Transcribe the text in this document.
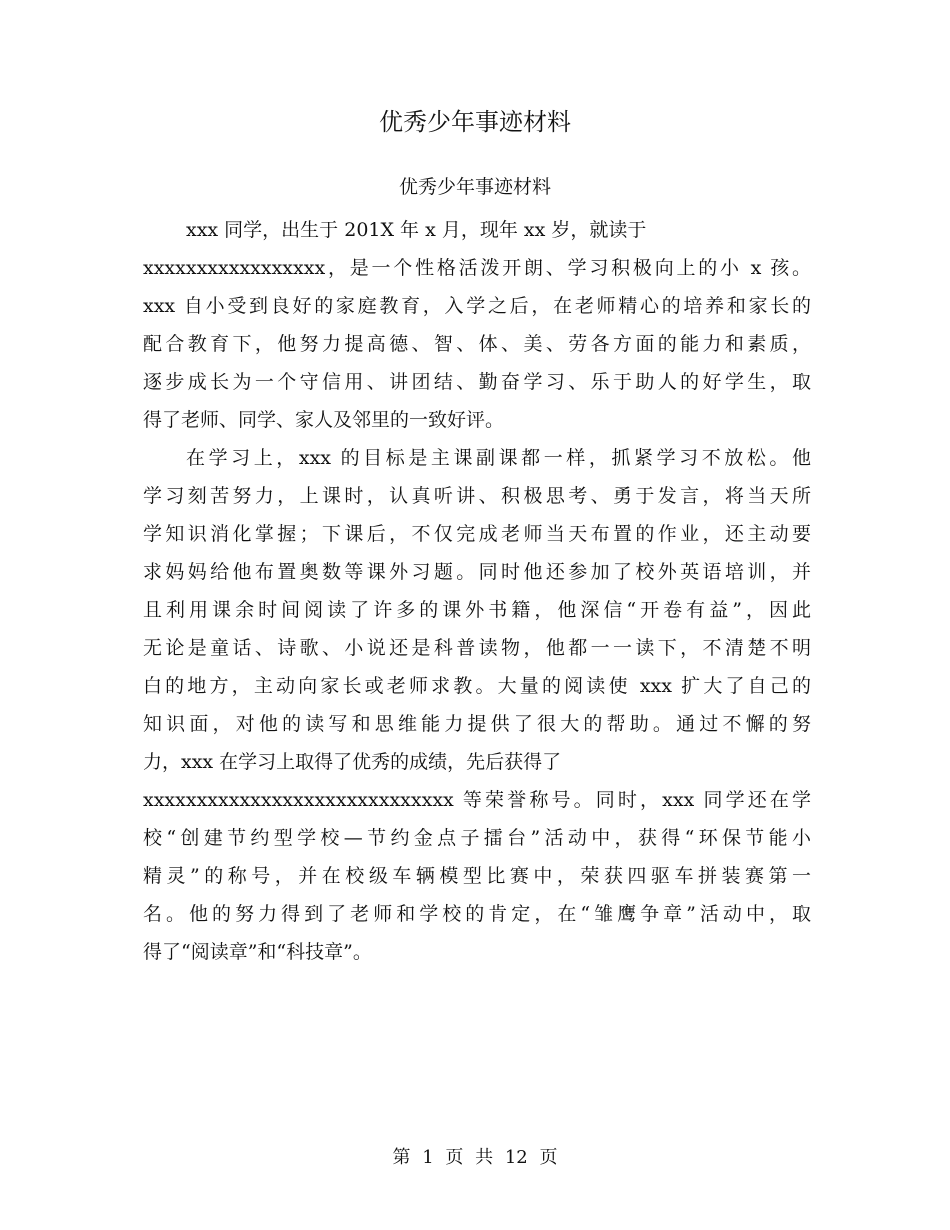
优秀少年事迹材料
优秀少年事迹材料
xxx 同学，出生于 201X 年 x 月，现年 xx 岁，就读于
xxxxxxxxxxxxxxxxx，是一个性格活泼开朗、学习积极向上的小 x 孩。
xxx 自小受到良好的家庭教育，入学之后，在老师精心的培养和家长的
配合教育下，他努力提高德、智、体、美、劳各方面的能力和素质，
逐步成长为一个守信用、讲团结、勤奋学习、乐于助人的好学生，取
得了老师、同学、家人及邻里的一致好评。
在学习上，xxx 的目标是主课副课都一样，抓紧学习不放松。他
学习刻苦努力，上课时，认真听讲、积极思考、勇于发言，将当天所
学知识消化掌握；下课后，不仅完成老师当天布置的作业，还主动要
求妈妈给他布置奥数等课外习题。同时他还参加了校外英语培训，并
且利用课余时间阅读了许多的课外书籍，他深信“开卷有益”，因此
无论是童话、诗歌、小说还是科普读物，他都一一读下，不清楚不明
白的地方，主动向家长或老师求教。大量的阅读使 xxx 扩大了自己的
知识面，对他的读写和思维能力提供了很大的帮助。通过不懈的努
力，xxx 在学习上取得了优秀的成绩，先后获得了
xxxxxxxxxxxxxxxxxxxxxxxxxxxxx 等荣誉称号。同时，xxx 同学还在学
校“创建节约型学校—节约金点子擂台”活动中，获得“环保节能小
精灵”的称号，并在校级车辆模型比赛中，荣获四驱车拼装赛第一
名。他的努力得到了老师和学校的肯定，在“雏鹰争章”活动中，取
得了“阅读章”和“科技章”。
第 1 页 共 12 页
